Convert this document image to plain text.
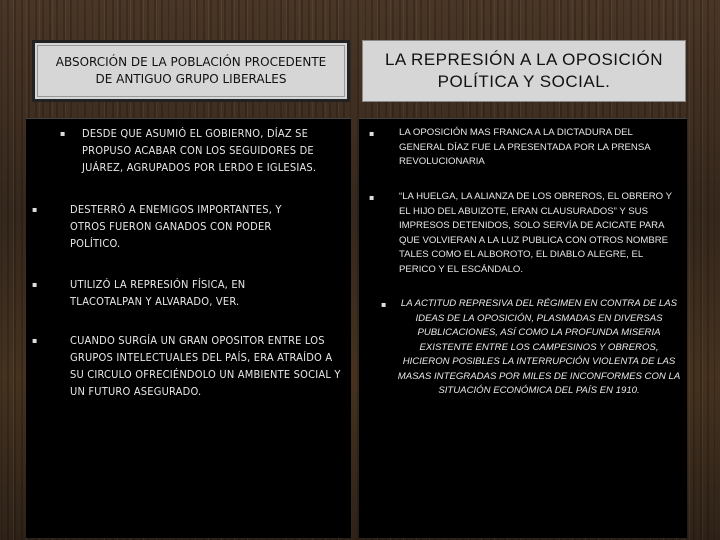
ABSORCIÓN DE LA POBLACIÓN PROCEDENTE DE ANTIGUO GRUPO LIBERALES
LA REPRESIÓN A LA OPOSICIÓN POLÍTICA Y SOCIAL.
▪ DESDE QUE ASUMIÓ EL GOBIERNO, DÍAZ SE PROPUSO ACABAR CON LOS SEGUIDORES DE JUÁREZ, AGRUPADOS POR LERDO E IGLESIAS.
▪	DESTERRÓ A ENEMIGOS IMPORTANTES, Y OTROS FUERON GANADOS CON PODER POLÍTICO.
▪	UTILIZÓ LA REPRESIÓN FÍSICA, EN TLACOTALPAN Y ALVARADO, VER.
▪	CUANDO SURGÍA UN GRAN OPOSITOR ENTRE LOS GRUPOS INTELECTUALES DEL PAÍS, ERA ATRAÍDO A SU CIRCULO OFRECIÉNDOLO UN AMBIENTE SOCIAL Y UN FUTURO ASEGURADO.
▪	LA OPOSICIÓN MAS FRANCA A LA DICTADURA DEL GENERAL DÍAZ FUE LA PRESENTADA POR LA PRENSA REVOLUCIONARIA
▪	“LA HUELGA, LA ALIANZA DE LOS OBREROS, EL OBRERO Y EL HIJO DEL ABUIZOTE, ERAN CLAUSURADOS” Y SUS IMPRESOS DETENIDOS, SOLO SERVÍA DE ACICATE PARA QUE VOLVIERAN A LA LUZ PUBLICA CON OTROS NOMBRE TALES COMO EL ALBOROTO, EL DIABLO ALEGRE, EL PERICO Y EL ESCÁNDALO.
▪	LA ACTITUD REPRESIVA DEL RÉGIMEN EN CONTRA DE LAS IDEAS DE LA OPOSICIÓN, PLASMADAS EN DIVERSAS PUBLICACIONES, ASÍ COMO LA PROFUNDA MISERIA EXISTENTE ENTRE LOS CAMPESINOS Y OBREROS, HICIERON POSIBLES LA INTERRUPCIÓN VIOLENTA DE LAS MASAS INTEGRADAS POR MILES DE INCONFORMES CON LA SITUACIÓN ECONÓMICA DEL PAÍS EN 1910.
